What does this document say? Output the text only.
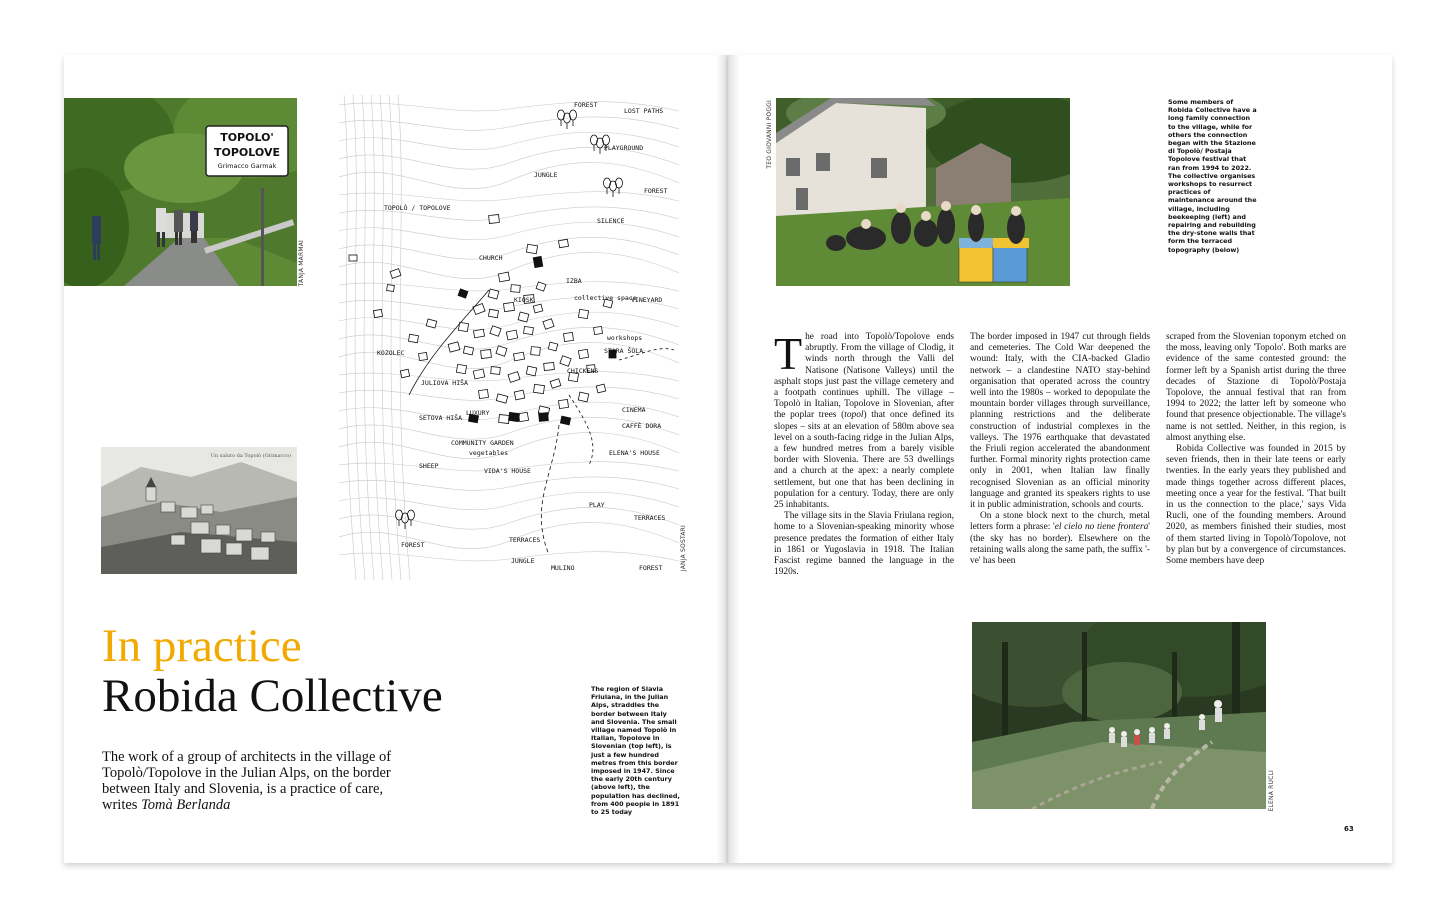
TOPOLO'
TOPOLOVE
Grimacco Garmak
TANJA MARMAI
Un saluto da Topolò (Grimacco)
FOREST
LOST PATHS
PLAYGROUND
JUNGLE
FOREST
SILENCE
CHURCH
IZBA
KIOSK	collective space
VINEYARD
workshops
STARA ŠOLA
KOZOLEC
JULIOVA HIŠA
CHICKENS
CINEMA
SETOVA HIŠA
LUXURY
CAFFÈ DORA
COMMUNITY GARDEN
vegetables
SHEEP
VIDA'S HOUSE
ELENA'S HOUSE
PLAY
TERRACES
TERRACES
JUNGLE
FOREST
FOREST
MULINO
TOPOLÒ / TOPOLOVE
JANJA ŠOŠTARI
In practice
Robida Collective
The work of a group of architects in the village of Topolò/Topolove in the Julian Alps, on the border between Italy and Slovenia, is a practice of care, writes Tomà Berlanda
The region of Slavia Friulana, in the Julian Alps, straddles the border between Italy and Slovenia. The small village named Topolò in Italian, Topolove in Slovenian (top left), is just a few hundred metres from this border imposed in 1947. Since the early 20th century (above left), the population has declined, from 400 people in 1891 to 25 today
TEO GIOVANNI POGGI	Some members of Robida Collective have a long family connection to the village, while for others the connection began with the Stazione di Topolò/ Postaja Topolove festival that ran from 1994 to 2022. The collective organises workshops to resurrect practices of maintenance around the village, including beekeeping (left) and repairing and rebuilding the dry-stone walls that form the terraced topography (below)

The road into Topolò/Topolove ends abruptly. From the village of Clodig, it winds north through the Valli del Natisone (Natisone Valleys) until the asphalt stops just past the village cemetery and a footpath continues uphill. The village – Topolò in Italian, Topolove in Slovenian, after the poplar trees (topol) that once defined its slopes – sits at an elevation of 580m above sea level on a south-facing ridge in the Julian Alps, a few hundred metres from a barely visible border with Slovenia. There are 53 dwellings and a church at the apex: a nearly complete settlement, but one that has been declining in population for a century. Today, there are only 25 inhabitants.

The village sits in the Slavia Friulana region, home to a Slovenian-speaking minority whose presence predates the formation of either Italy in 1861 or Yugoslavia in 1918. The Italian Fascist regime banned the language in the 1920s.

The border imposed in 1947 cut through fields and cemeteries. The Cold War deepened the wound: Italy, with the CIA-backed Gladio network – a clandestine NATO stay-behind organisation that operated across the country well into the 1980s – worked to depopulate the mountain border villages through surveillance, planning restrictions and the deliberate construction of industrial complexes in the valleys. The 1976 earthquake that devastated the Friuli region accelerated the abandonment further. Formal minority rights protection came only in 2001, when Italian law finally recognised Slovenian as an official minority language and granted its speakers rights to use it in public administration, schools and courts.

On a stone block next to the church, metal letters form a phrase: 'el cielo no tiene frontera' (the sky has no border). Elsewhere on the retaining walls along the same path, the suffix '-ve' has been

scraped from the Slovenian toponym etched on the moss, leaving only 'Topolo'. Both marks are evidence of the same contested ground: the former left by a Spanish artist during the three decades of Stazione di Topolò/Postaja Topolove, the annual festival that ran from 1994 to 2022; the latter left by someone who found that presence objectionable. The village's name is not settled. Neither, in this region, is almost anything else.

Robida Collective was founded in 2015 by seven friends, then in their late teens or early twenties. In the early years they published and made things together across different places, meeting once a year for the festival. 'That built in us the connection to the place,' says Vida Rucli, one of the founding members. Around 2020, as members finished their studies, most of them started living in Topolò/Topolove, not by plan but by a convergence of circumstances. Some members have deep

ELENA RUCLI
63
